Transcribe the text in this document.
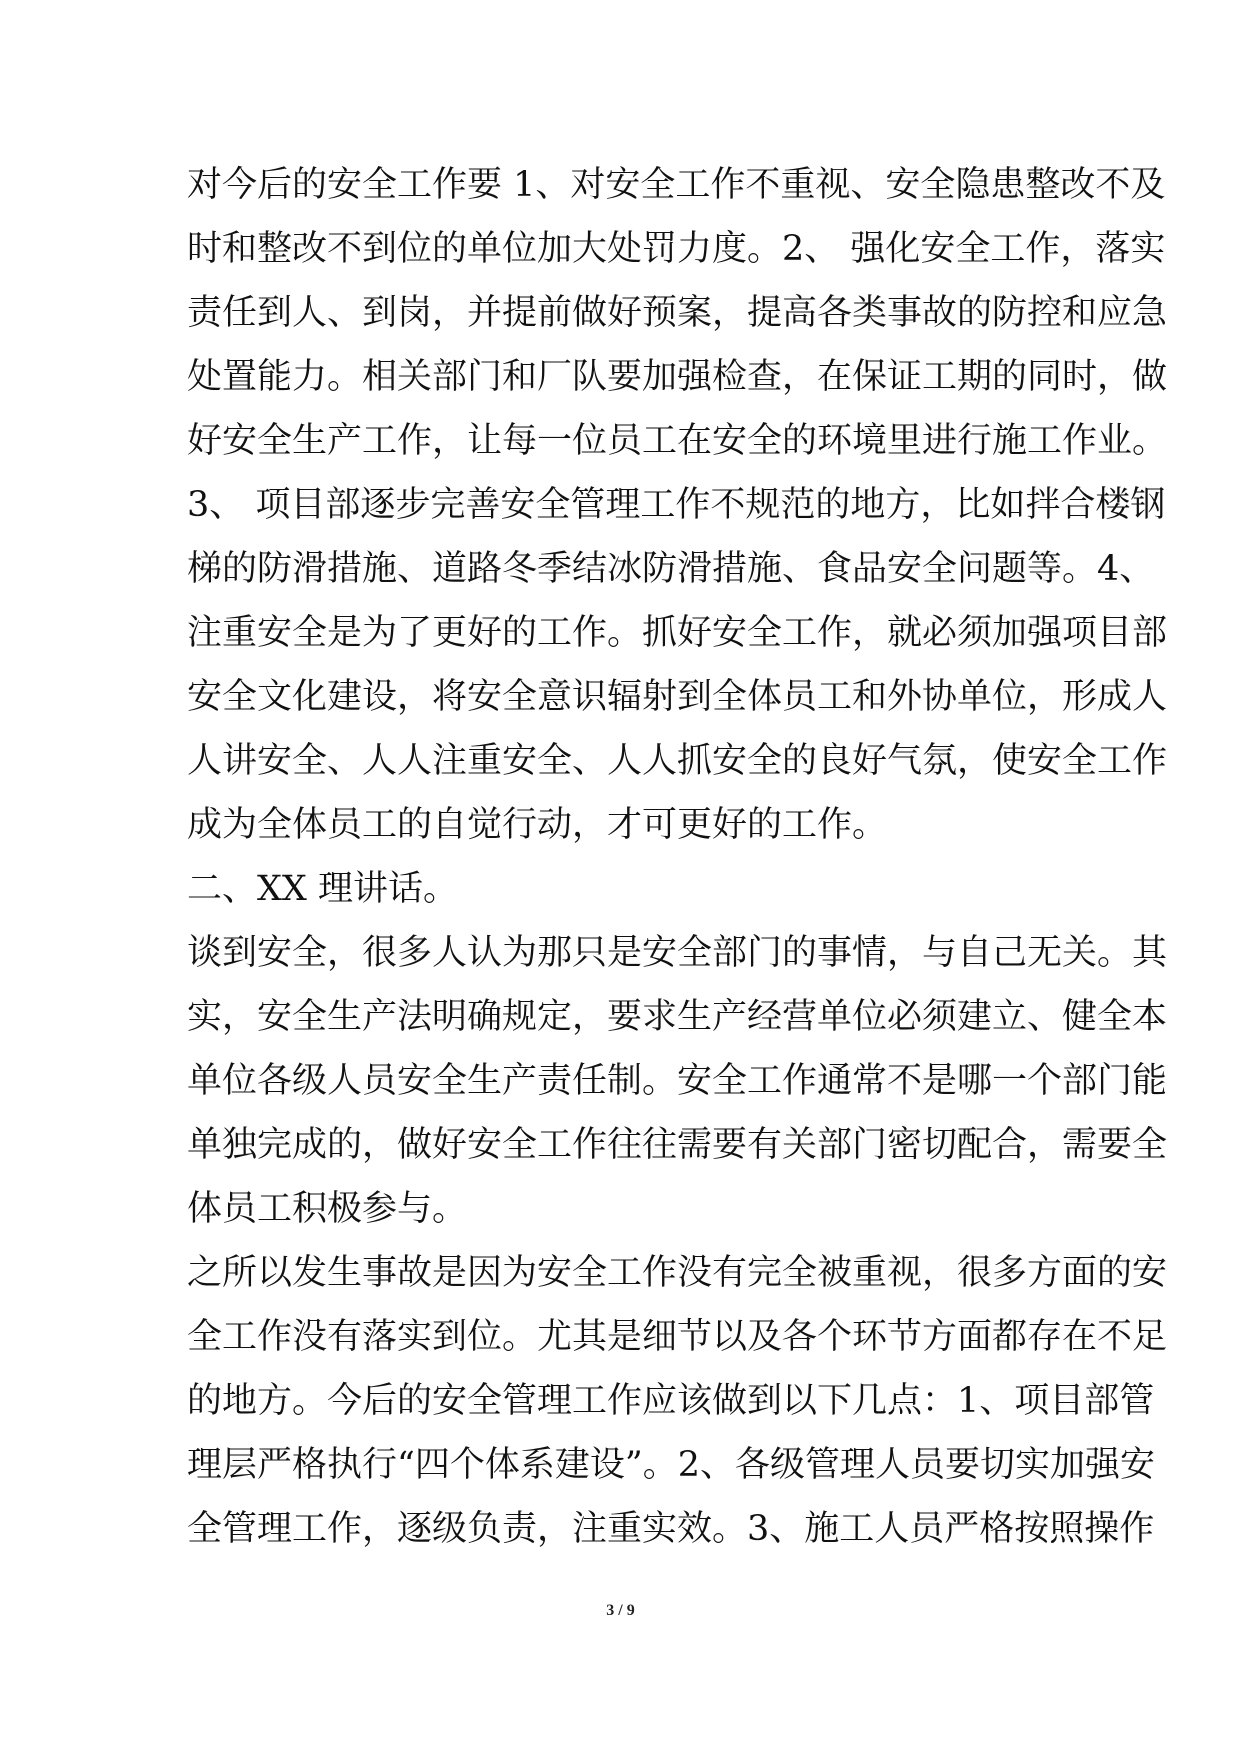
对今后的安全工作要 1、对安全工作不重视、安全隐患整改不及
时和整改不到位的单位加大处罚力度。2、 强化安全工作，落实
责任到人、到岗，并提前做好预案，提高各类事故的防控和应急
处置能力。相关部门和厂队要加强检查，在保证工期的同时，做
好安全生产工作，让每一位员工在安全的环境里进行施工作业。
3、 项目部逐步完善安全管理工作不规范的地方，比如拌合楼钢
梯的防滑措施、道路冬季结冰防滑措施、食品安全问题等。4、
注重安全是为了更好的工作。抓好安全工作，就必须加强项目部
安全文化建设，将安全意识辐射到全体员工和外协单位，形成人
人讲安全、人人注重安全、人人抓安全的良好气氛，使安全工作
成为全体员工的自觉行动，才可更好的工作。
二、XX 理讲话。
谈到安全，很多人认为那只是安全部门的事情，与自己无关。其
实，安全生产法明确规定，要求生产经营单位必须建立、健全本
单位各级人员安全生产责任制。安全工作通常不是哪一个部门能
单独完成的，做好安全工作往往需要有关部门密切配合，需要全
体员工积极参与。
之所以发生事故是因为安全工作没有完全被重视，很多方面的安
全工作没有落实到位。尤其是细节以及各个环节方面都存在不足
的地方。今后的安全管理工作应该做到以下几点：1、项目部管
理层严格执行“四个体系建设”。2、各级管理人员要切实加强安
全管理工作，逐级负责，注重实效。3、施工人员严格按照操作
3 / 9
